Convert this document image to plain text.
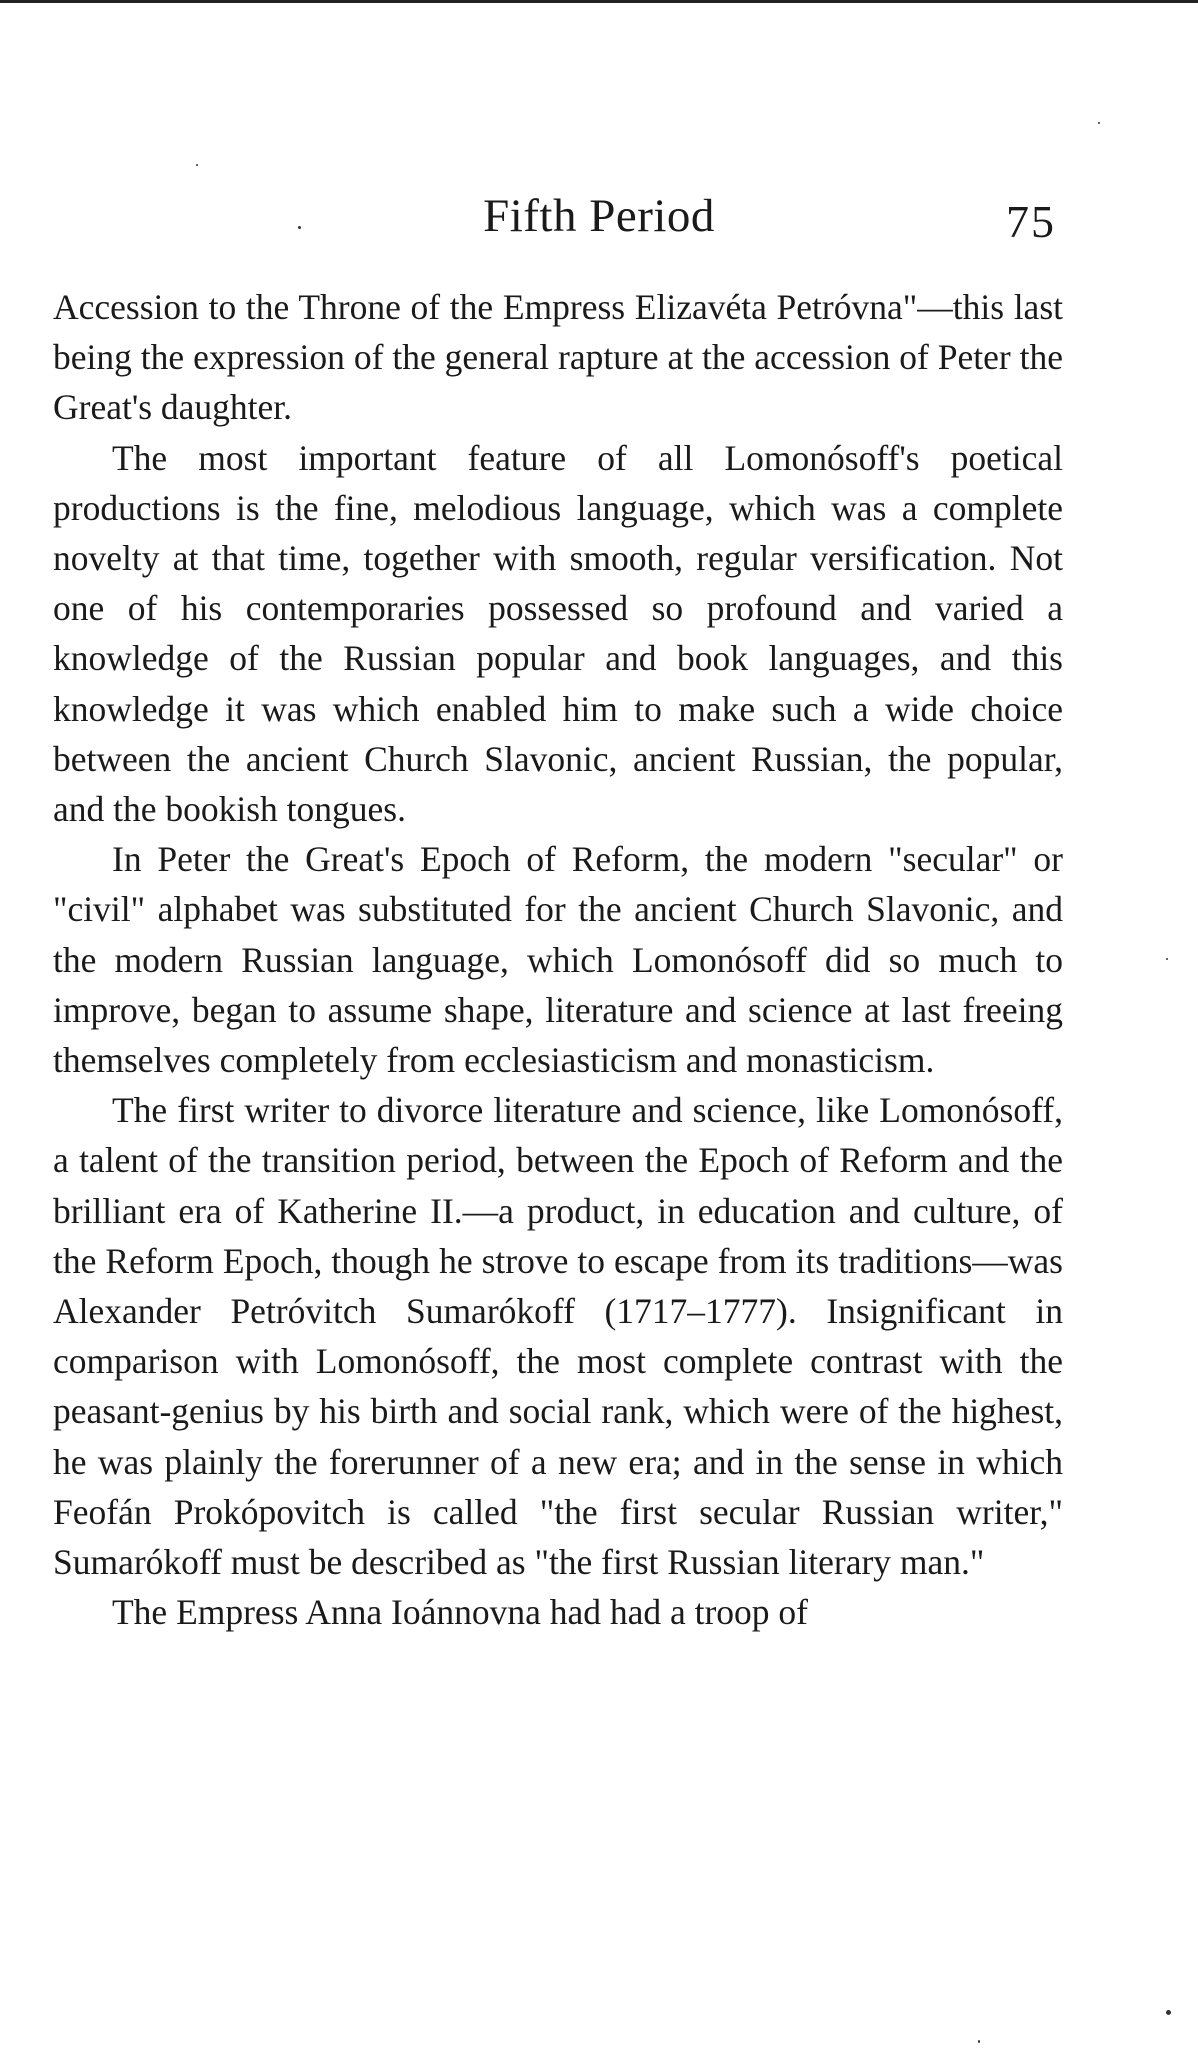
Fifth Period	75

Accession to the Throne of the Empress Elizavéta Petróvna"—this last being the expression of the general rapture at the accession of Peter the Great's daughter.

The most important feature of all Lomonósoff's poetical productions is the fine, melodious language, which was a complete novelty at that time, together with smooth, regular versification. Not one of his contemporaries possessed so profound and varied a knowledge of the Russian popular and book languages, and this knowledge it was which enabled him to make such a wide choice between the ancient Church Slavonic, ancient Russian, the popular, and the bookish tongues.

In Peter the Great's Epoch of Reform, the modern "secular" or "civil" alphabet was substituted for the ancient Church Slavonic, and the modern Russian language, which Lomonósoff did so much to improve, began to assume shape, literature and science at last freeing themselves completely from ecclesiasticism and monasticism.

The first writer to divorce literature and science, like Lomonósoff, a talent of the transition period, between the Epoch of Reform and the brilliant era of Katherine II.—a product, in education and culture, of the Reform Epoch, though he strove to escape from its traditions—was Alexander Petróvitch Sumarókoff (1717–1777). Insignificant in comparison with Lomonósoff, the most complete contrast with the peasant-genius by his birth and social rank, which were of the highest, he was plainly the forerunner of a new era; and in the sense in which Feofán Prokópovitch is called "the first secular Russian writer," Sumarókoff must be described as "the first Russian literary man."

The Empress Anna Ioánnovna had had a troop of
